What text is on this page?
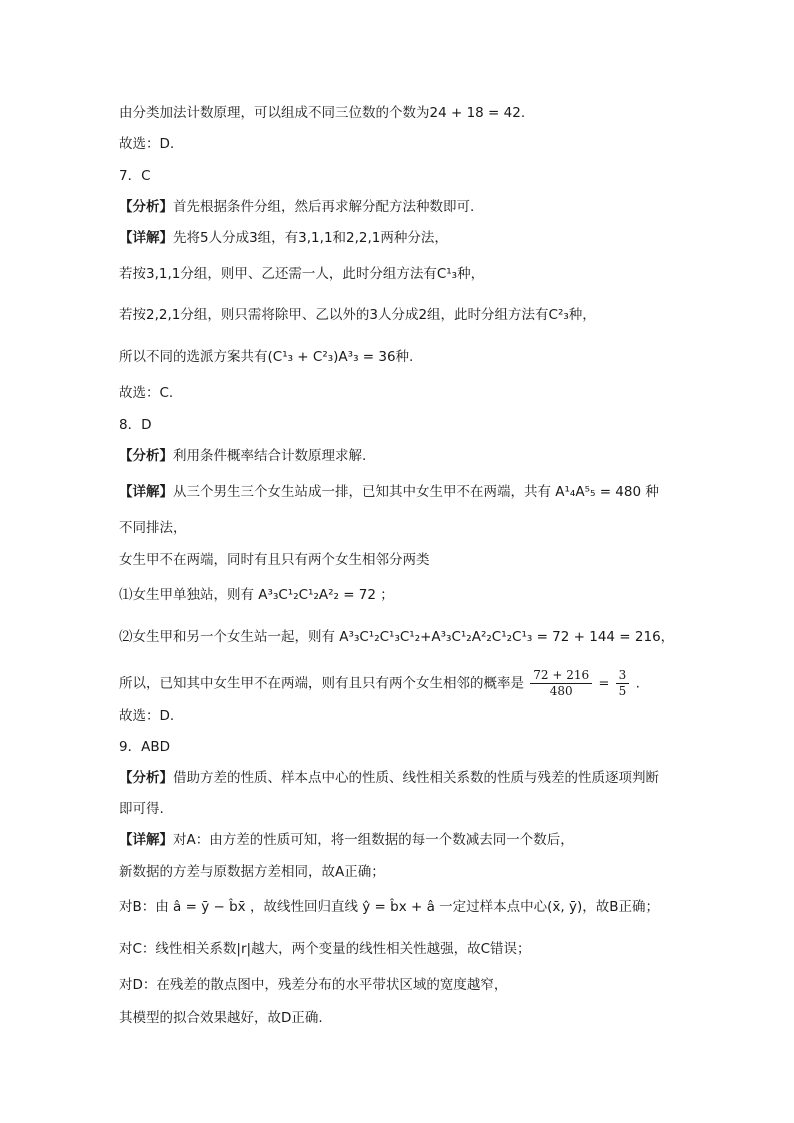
由分类加法计数原理，可以组成不同三位数的个数为24 + 18 = 42.
故选：D.
7．C
【分析】首先根据条件分组，然后再求解分配方法种数即可.
【详解】先将5人分成3组，有3,1,1和2,2,1两种分法，
若按3,1,1分组，则甲、乙还需一人，此时分组方法有C¹₃种，
若按2,2,1分组，则只需将除甲、乙以外的3人分成2组，此时分组方法有C²₃种，
所以不同的选派方案共有(C¹₃ + C²₃)A³₃ = 36种.
故选：C.
8．D
【分析】利用条件概率结合计数原理求解.
【详解】从三个男生三个女生站成一排，已知其中女生甲不在两端，共有 A¹₄A⁵₅ = 480 种
不同排法，
女生甲不在两端，同时有且只有两个女生相邻分两类
⑴女生甲单独站，则有 A³₃C¹₂C¹₂A²₂ = 72 ；
⑵女生甲和另一个女生站一起，则有 A³₃C¹₂C¹₃C¹₂+A³₃C¹₂A²₂C¹₂C¹₃ = 72 + 144 = 216，
所以，已知其中女生甲不在两端，则有且只有两个女生相邻的概率是 $\frac{72 + 216}{480} = \frac{3}{5}$ .
故选：D.
9．ABD
【分析】借助方差的性质、样本点中心的性质、线性相关系数的性质与残差的性质逐项判断
即可得.
【详解】对A：由方差的性质可知，将一组数据的每一个数减去同一个数后，
新数据的方差与原数据方差相同，故A正确；
对B：由 â = ȳ − b̂x̄ ，故线性回归直线 ŷ = b̂x + â 一定过样本点中心(x̄, ȳ)，故B正确；
对C：线性相关系数|r|越大，两个变量的线性相关性越强，故C错误；
对D：在残差的散点图中，残差分布的水平带状区域的宽度越窄，
其模型的拟合效果越好，故D正确.
